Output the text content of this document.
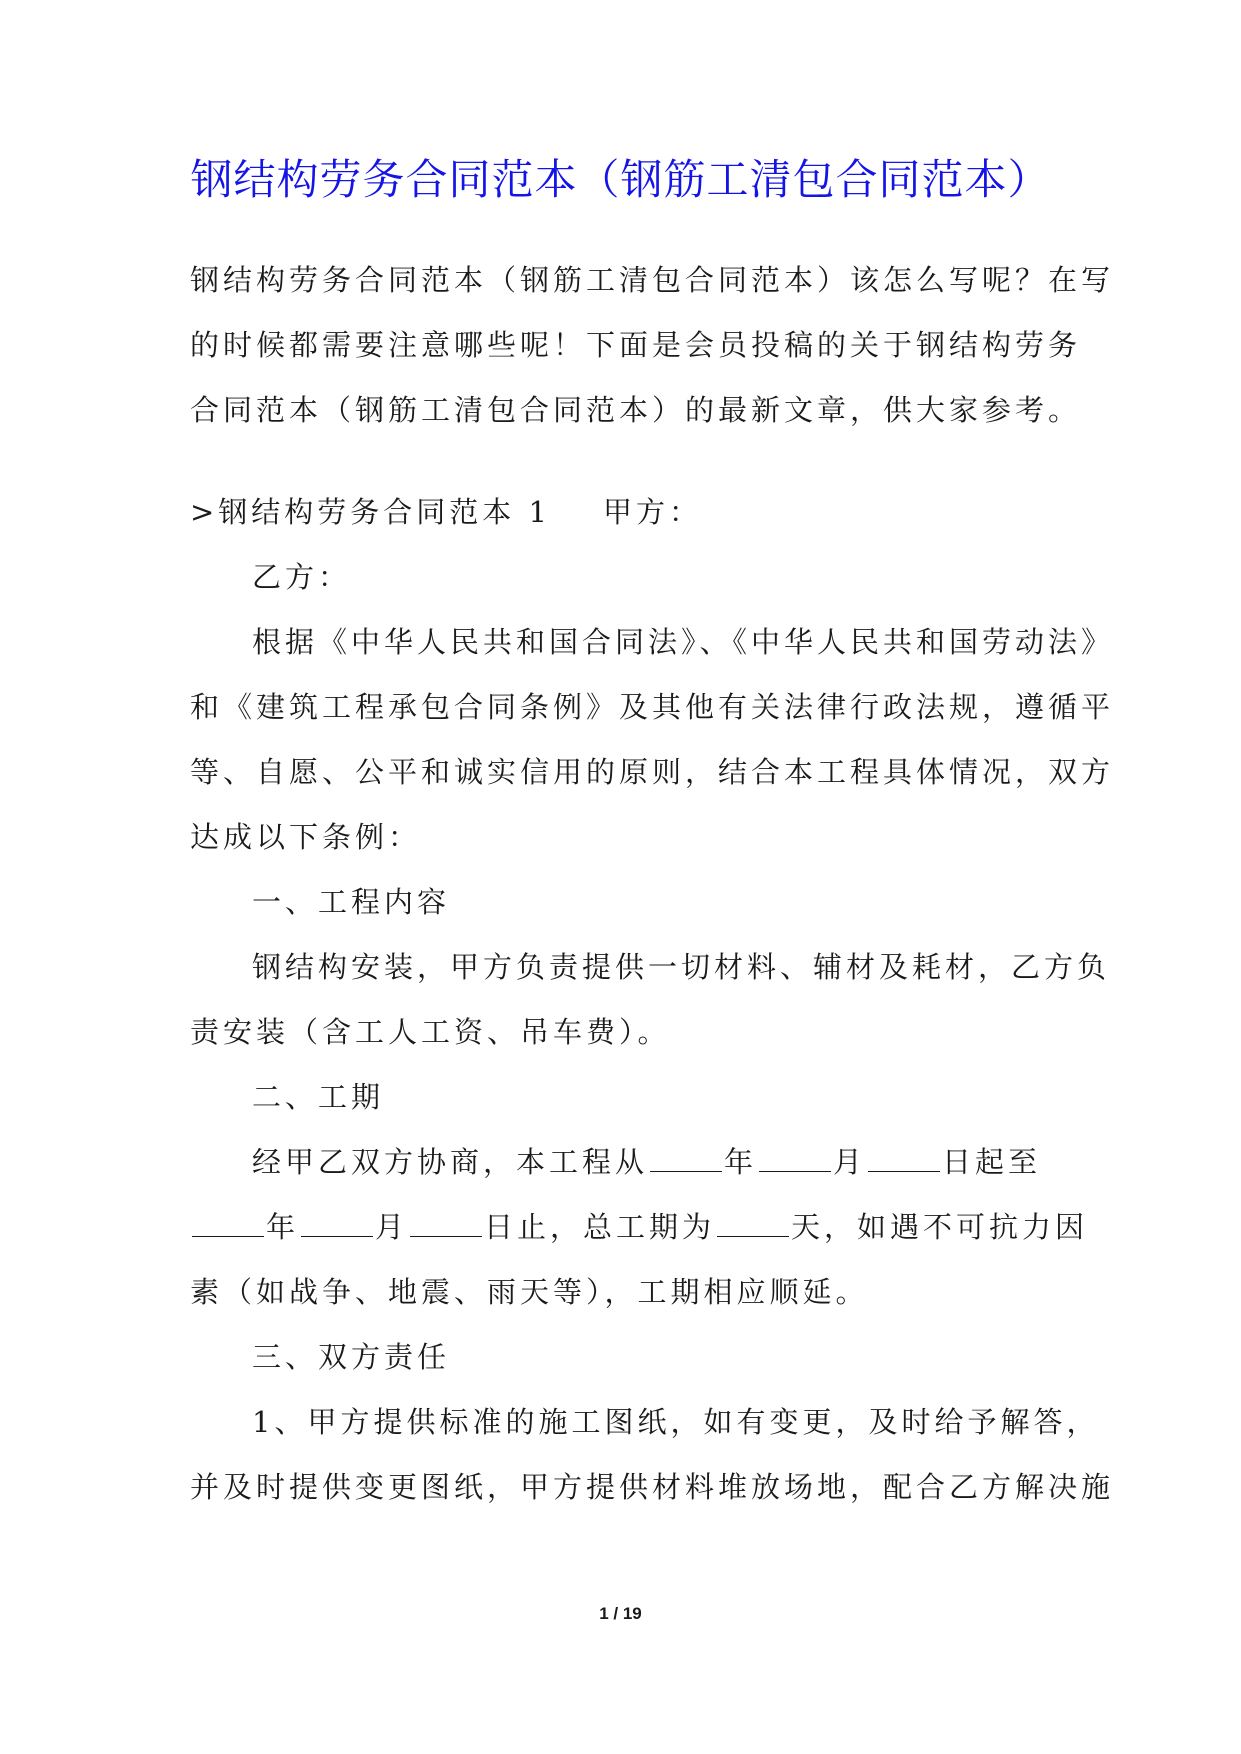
钢结构劳务合同范本（钢筋工清包合同范本）
钢结构劳务合同范本（钢筋工清包合同范本）该怎么写呢？在写
的时候都需要注意哪些呢！下面是会员投稿的关于钢结构劳务
合同范本（钢筋工清包合同范本）的最新文章，供大家参考。
>钢结构劳务合同范本 1 甲方：
乙方：
根据《中华人民共和国合同法》、《中华人民共和国劳动法》
和《建筑工程承包合同条例》及其他有关法律行政法规，遵循平
等、自愿、公平和诚实信用的原则，结合本工程具体情况，双方
达成以下条例：
一、工程内容
钢结构安装，甲方负责提供一切材料、辅材及耗材，乙方负
责安装（含工人工资、吊车费）。
二、工期
经甲乙双方协商，本工程从	年	月	日起至
年	月	日止，总工期为	天，如遇不可抗力因
素（如战争、地震、雨天等），工期相应顺延。
三、双方责任
1、甲方提供标准的施工图纸，如有变更，及时给予解答，
并及时提供变更图纸，甲方提供材料堆放场地，配合乙方解决施
1 / 19
